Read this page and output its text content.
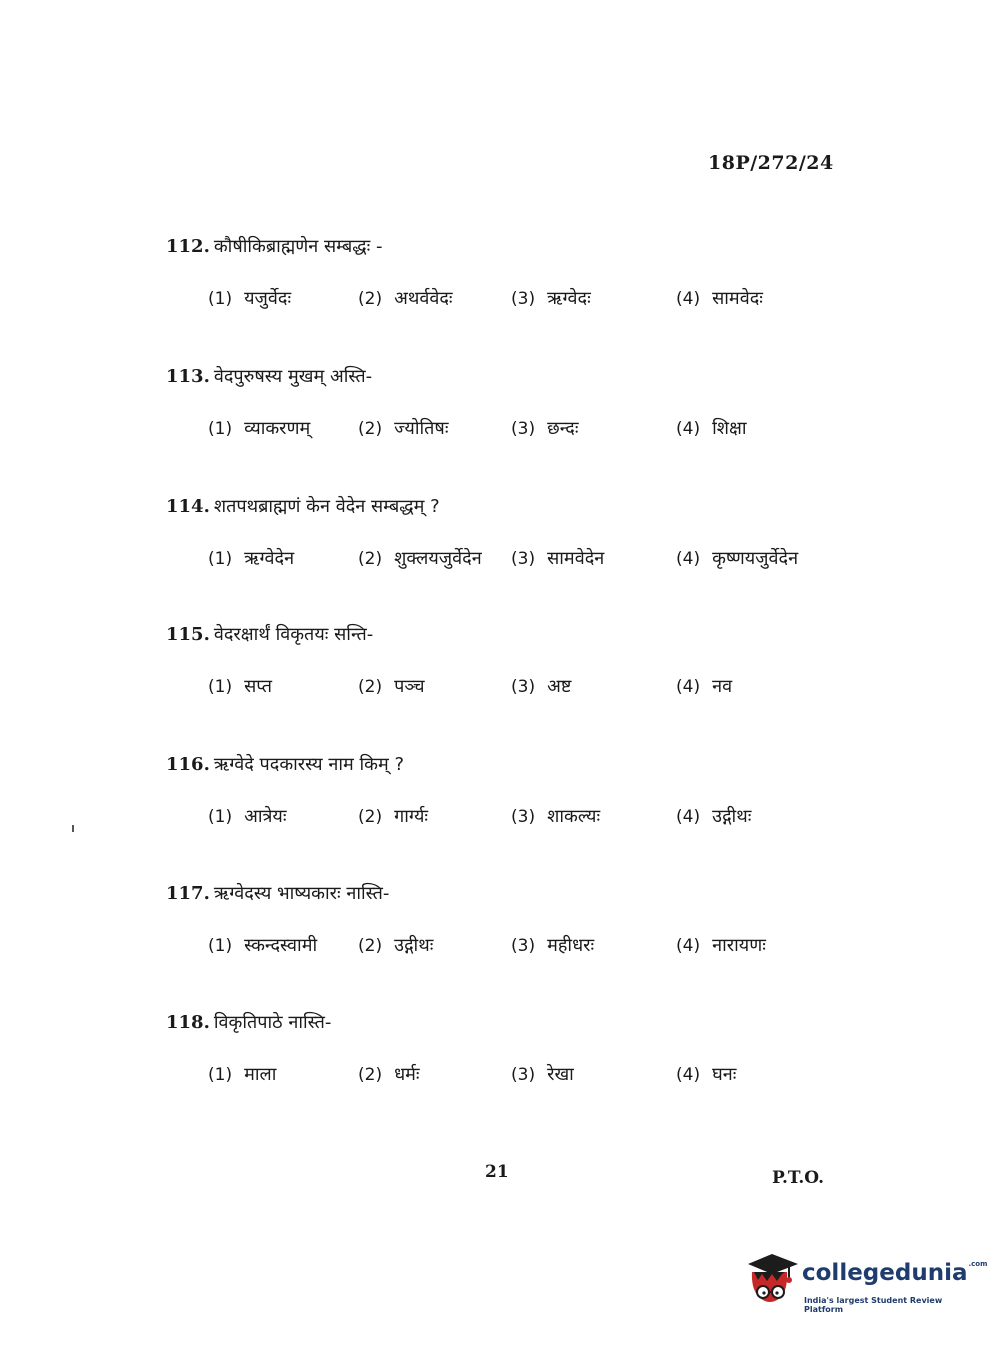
18P/272/24
112. कौषीकिब्राह्मणेन सम्बद्धः -
(1) यजुर्वेदः	(2) अथर्ववेदः	(3) ऋग्वेदः	(4) सामवेदः
113. वेदपुरुषस्य मुखम् अस्ति-
(1) व्याकरणम्	(2) ज्योतिषः	(3) छन्दः	(4) शिक्षा
114. शतपथब्राह्मणं केन वेदेन सम्बद्धम् ?
(1) ऋग्वेदेन	(2) शुक्लयजुर्वेदेन (3) सामवेदेन	(4) कृष्णयजुर्वेदेन
115. वेदरक्षार्थं विकृतयः सन्ति-
(1) सप्त	(2) पञ्च	(3) अष्ट	(4) नव
116. ऋग्वेदे पदकारस्य नाम किम् ?
(1) आत्रेयः	(2) गार्ग्यः	(3) शाकल्यः	(4) उद्गीथः
117. ऋग्वेदस्य भाष्यकारः नास्ति-
(1) स्कन्दस्वामी (2) उद्गीथः	(3) महीधरः	(4) नारायणः
118. विकृतिपाठे नास्ति-
(1) माला	(2) धर्मः	(3) रेखा	(4) घनः
21	P.T.O.
collegedunia$^{.com}$
India's largest Student Review Platform
